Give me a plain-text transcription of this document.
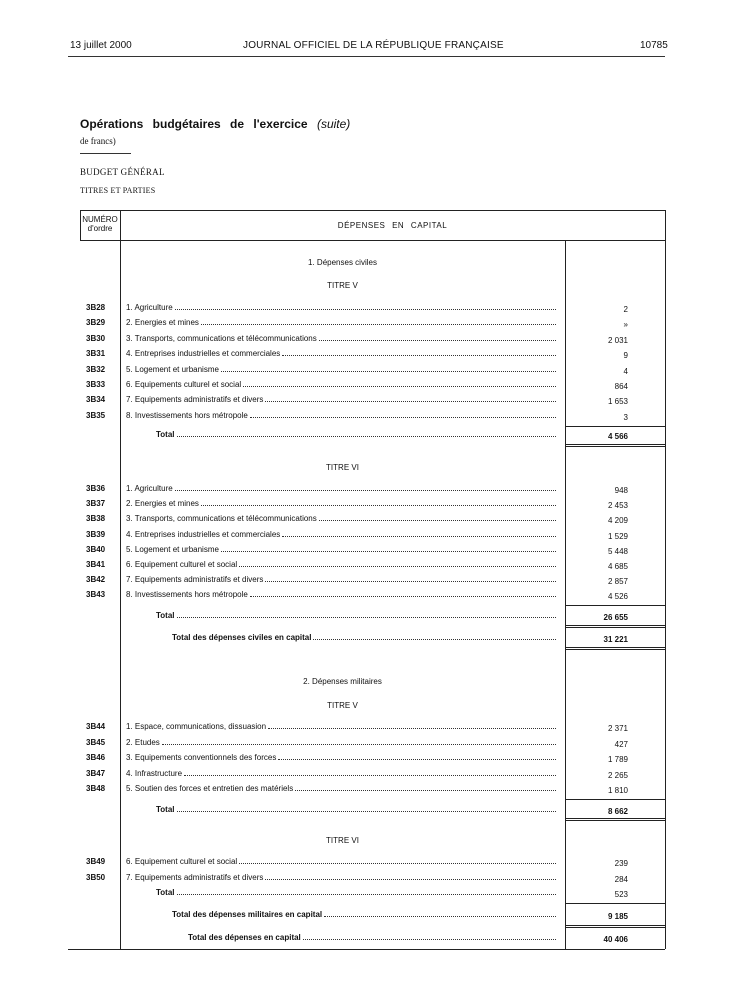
13 juillet 2000	JOURNAL OFFICIEL DE LA RÉPUBLIQUE FRANÇAISE	10785
Opérations budgétaires de l'exercice (suite)
de francs)
BUDGET GÉNÉRAL
TITRES ET PARTIES
NUMÉRO
d'ordre	DÉPENSES EN CAPITAL
1. Dépenses civiles
TITRE V
3B28	1. Agriculture	2
3B29	2. Energies et mines	»
3B30	3. Transports, communications et télécommunications	2 031
3B31	4. Entreprises industrielles et commerciales	9
3B32	5. Logement et urbanisme	4
3B33	6. Equipements culturel et social	864
3B34	7. Equipements administratifs et divers	1 653
3B35	8. Investissements hors métropole	3
Total	4 566
TITRE VI
3B36	1. Agriculture	948
3B37	2. Energies et mines	2 453
3B38	3. Transports, communications et télécommunications	4 209
3B39	4. Entreprises industrielles et commerciales	1 529
3B40	5. Logement et urbanisme	5 448
3B41	6. Equipement culturel et social	4 685
3B42	7. Equipements administratifs et divers	2 857
3B43	8. Investissements hors métropole	4 526
Total	26 655
Total des dépenses civiles en capital	31 221
2. Dépenses militaires
TITRE V
3B44	1. Espace, communications, dissuasion	2 371
3B45	2. Etudes	427
3B46	3. Equipements conventionnels des forces	1 789
3B47	4. Infrastructure	2 265
3B48	5. Soutien des forces et entretien des matériels	1 810
Total	8 662
TITRE VI
3B49	6. Equipement culturel et social	239
3B50	7. Equipements administratifs et divers	284
Total	523
Total des dépenses militaires en capital	9 185
Total des dépenses en capital	40 406
